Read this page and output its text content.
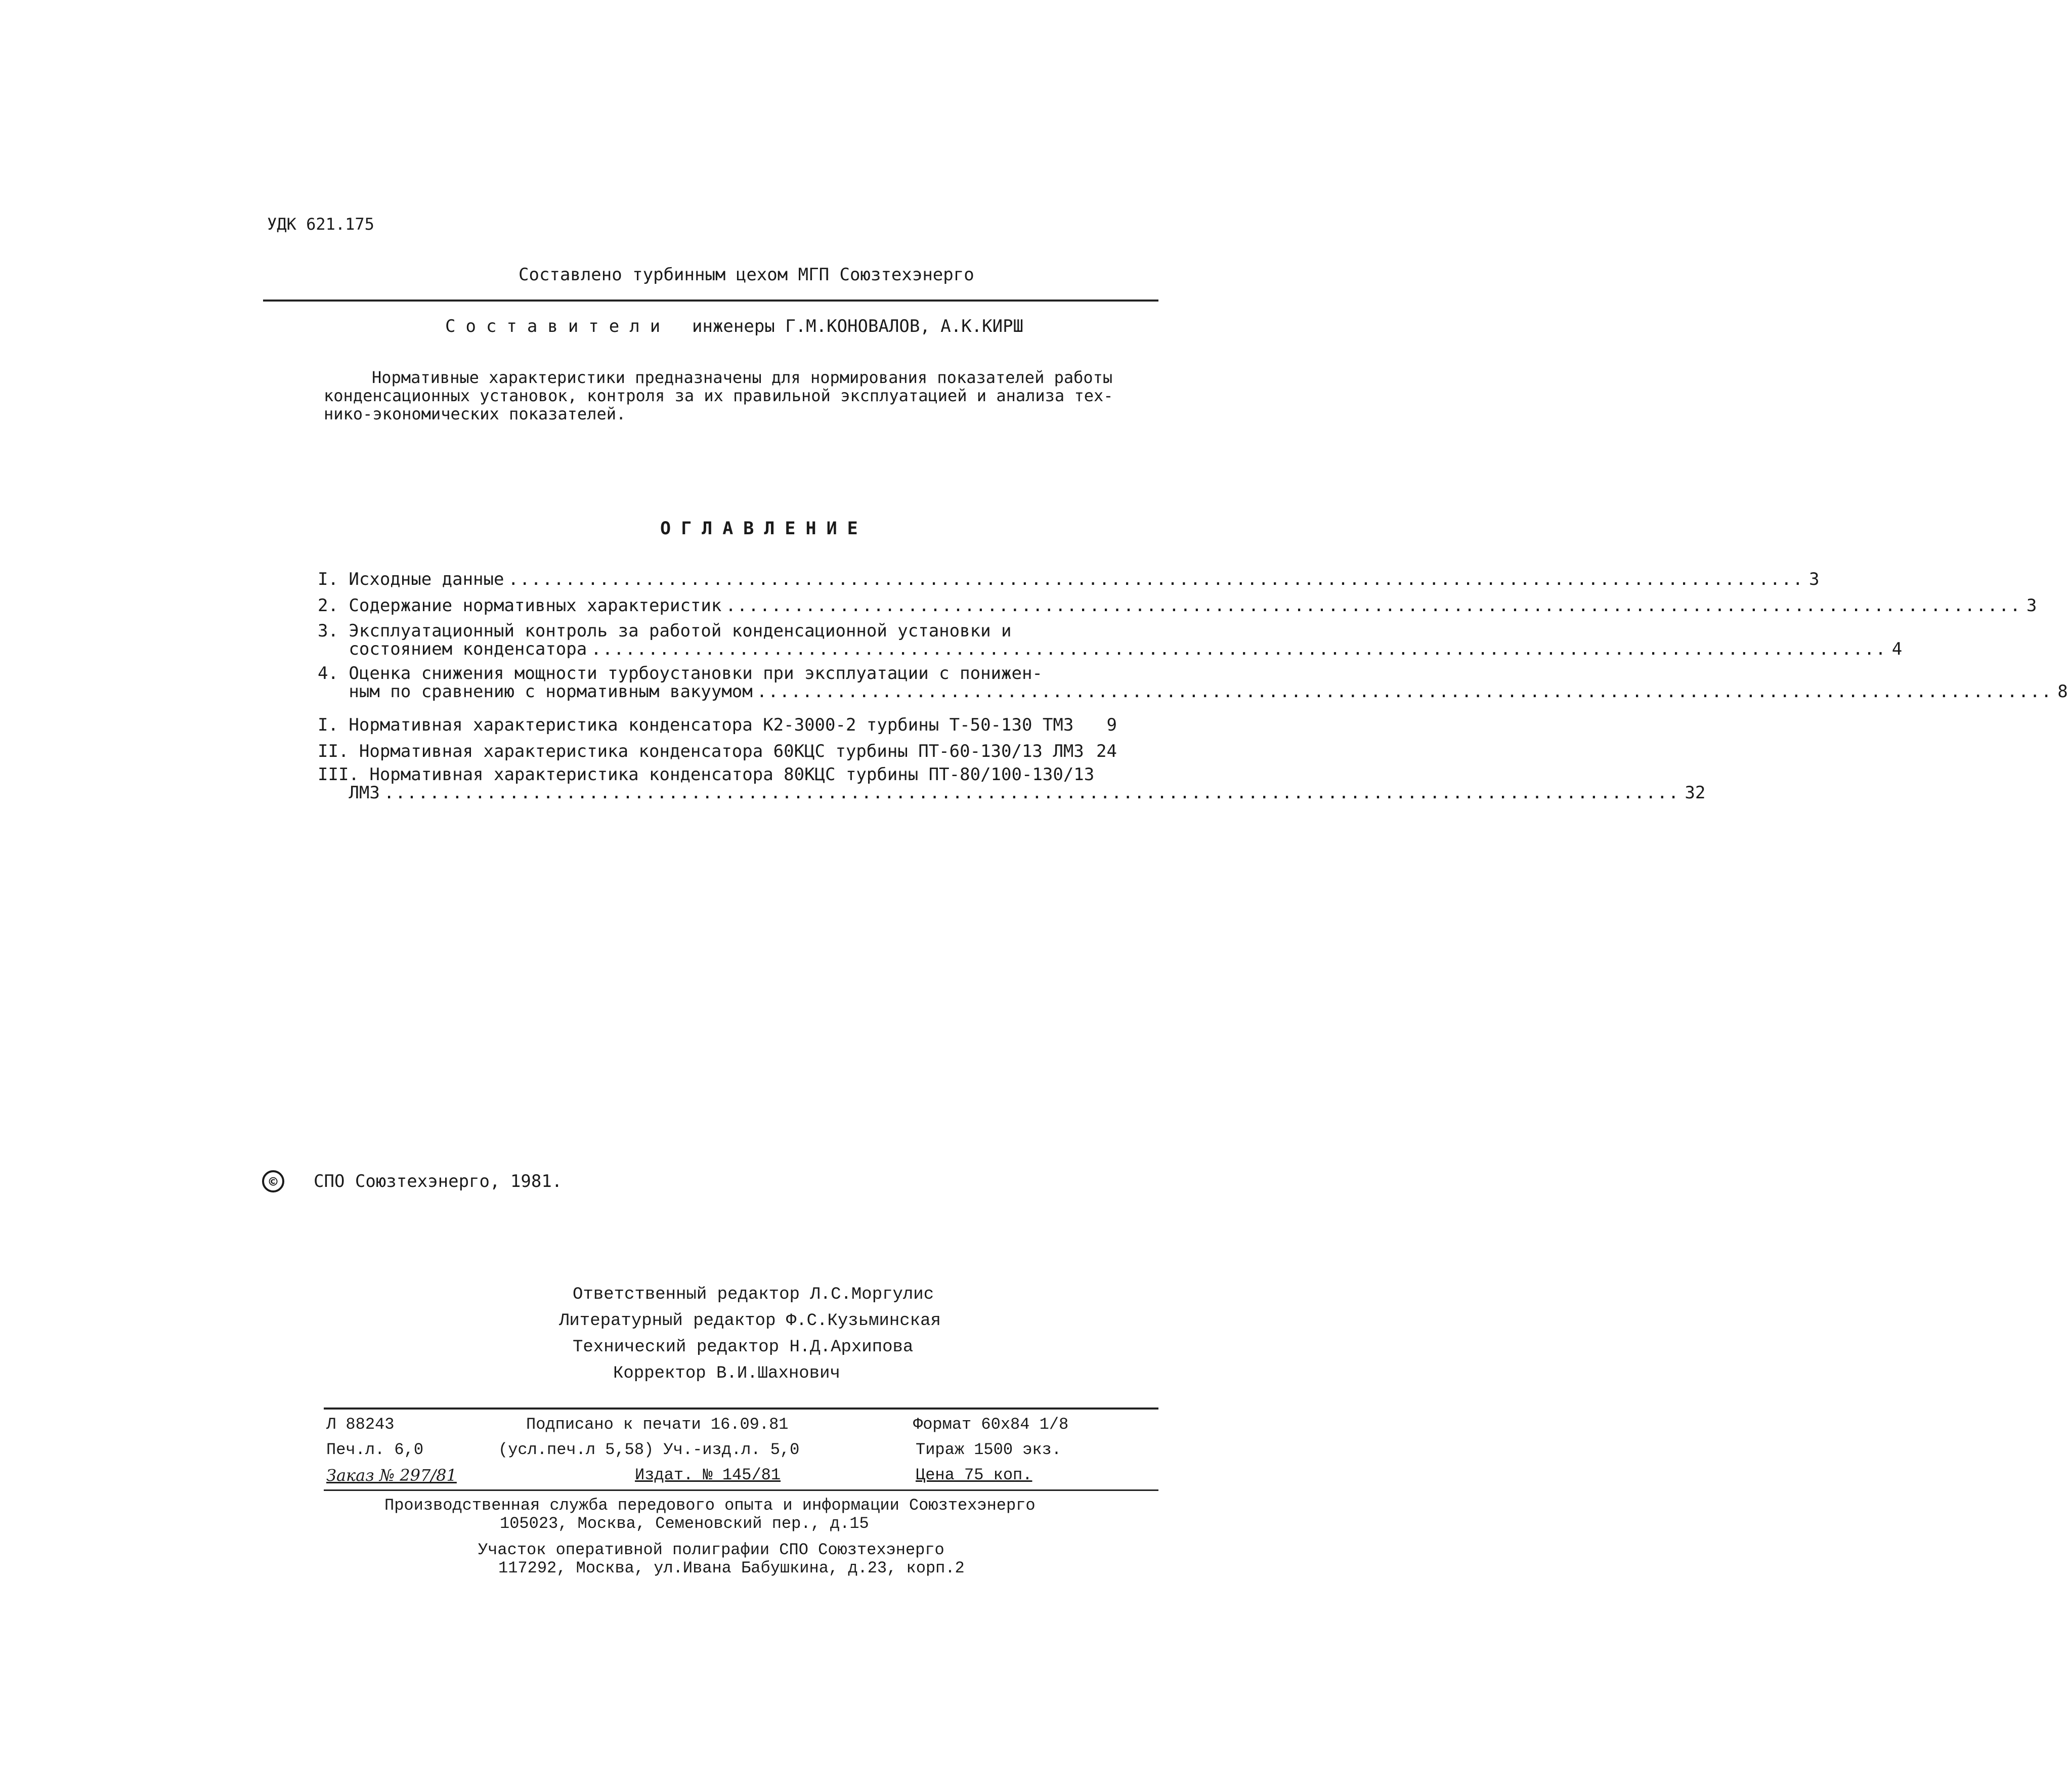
УДК 621.175
Составлено турбинным цехом МГП Союзтехэнерго
Составители инженеры Г.М.КОНОВАЛОВ, А.К.КИРШ
Нормативные характеристики предназначены для нормирования показателей работы
конденсационных установок, контроля за их правильной эксплуатацией и анализа тех-
нико-экономических показателей.
ОГЛАВЛЕНИЕ
I. Исходные данные .................................................................................................................. 3
2. Содержание нормативных характеристик .................................................................................................................. 3
3. Эксплуатационный контроль за работой конденсационной установки и
состоянием конденсатора .................................................................................................................. 4
4. Оценка снижения мощности турбоустановки при эксплуатации с понижен-
ным по сравнению с нормативным вакуумом .................................................................................................................. 8
I. Нормативная характеристика конденсатора К2-3000-2 турбины Т-50-130 ТМЗ	9
II. Нормативная характеристика конденсатора 60КЦС турбины ПТ-60-130/13 ЛМЗ 24
III. Нормативная характеристика конденсатора 80КЦС турбины ПТ-80/100-130/13
ЛМЗ .................................................................................................................. 32
©	СПО Союзтехэнерго, 1981.
Ответственный редактор Л.С.Моргулис
Литературный редактор Ф.С.Кузьминская
Технический редактор Н.Д.Архипова
Корректор В.И.Шахнович
Л 88243	Подписано к печати 16.09.81	Формат 60x84 1/8
Печ.л. 6,0	(усл.печ.л 5,58) Уч.-изд.л. 5,0	Тираж 1500 экз.
Заказ № 297/81	Издат. № 145/81	Цена 75 коп.
Производственная служба передового опыта и информации Союзтехэнерго
105023, Москва, Семеновский пер., д.15
Участок оперативной полиграфии СПО Союзтехэнерго
117292, Москва, ул.Ивана Бабушкина, д.23, корп.2
